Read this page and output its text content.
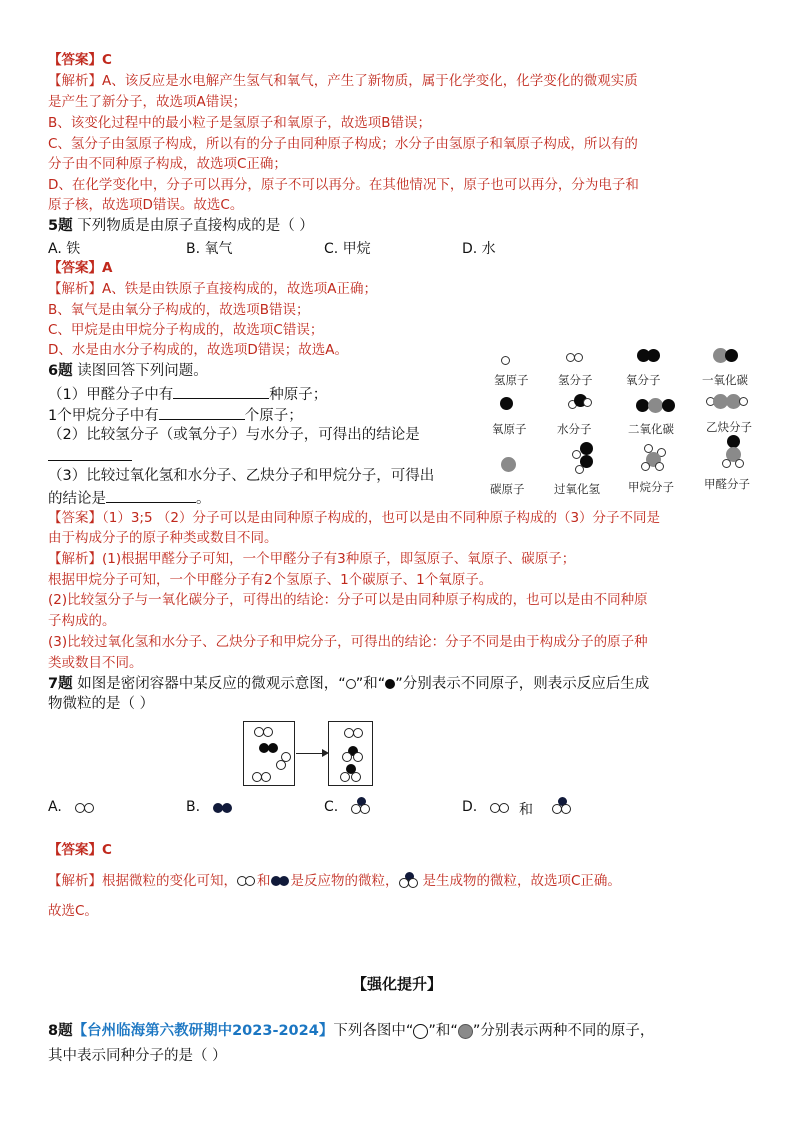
【答案】C
【解析】A、该反应是水电解产生氢气和氧气，产生了新物质，属于化学变化，化学变化的微观实质
是产生了新分子，故选项A错误；
B、该变化过程中的最小粒子是氢原子和氧原子，故选项B错误；
C、氢分子由氢原子构成，所以有的分子由同种原子构成；水分子由氢原子和氧原子构成，所以有的
分子由不同种原子构成，故选项C正确；
D、在化学变化中，分子可以再分，原子不可以再分。在其他情况下，原子也可以再分，分为电子和
原子核，故选项D错误。故选C。
5题 下列物质是由原子直接构成的是（ ）
A. 铁	B. 氧气	C. 甲烷	D. 水
【答案】A
【解析】A、铁是由铁原子直接构成的，故选项A正确；
B、氧气是由氧分子构成的，故选项B错误；
C、甲烷是由甲烷分子构成的，故选项C错误；
D、水是由水分子构成的，故选项D错误；故选A。
6题 读图回答下列问题。
（1）甲醛分子中有	种原子；
1个甲烷分子中有	个原子；
（2）比较氢分子（或氧分子）与水分子，可得出的结论是
（3）比较过氧化氢和水分子、乙炔分子和甲烷分子，可得出
的结论是	。
氢原子	氢分子	氧分子	一氧化碳
氧原子	水分子	二氧化碳	乙炔分子
碳原子	过氧化氢 甲烷分子	甲醛分子
【答案】（1）3;5 （2）分子可以是由同种原子构成的，也可以是由不同种原子构成的（3）分子不同是
由于构成分子的原子种类或数目不同。
【解析】(1)根据甲醛分子可知，一个甲醛分子有3种原子，即氢原子、氧原子、碳原子；
根据甲烷分子可知，一个甲醛分子有2个氢原子、1个碳原子、1个氧原子。
(2)比较氢分子与一氧化碳分子，可得出的结论：分子可以是由同种原子构成的，也可以是由不同种原
子构成的。
(3)比较过氧化氢和水分子、乙炔分子和甲烷分子，可得出的结论：分子不同是由于构成分子的原子种
类或数目不同。
7题 如图是密闭容器中某反应的微观示意图，“ ”和“ ”分别表示不同原子，则表示反应后生成
物微粒的是（ ）
A.	B.	C.	D.	和
【答案】C
【解析】根据微粒的变化可知， 和 是反应物的微粒， 是生成物的微粒，故选项C正确。
故选C。
【强化提升】
8题【台州临海第六教研期中2023-2024】下列各图中“ ”和“ ”分别表示两种不同的原子，
其中表示同种分子的是（ ）
